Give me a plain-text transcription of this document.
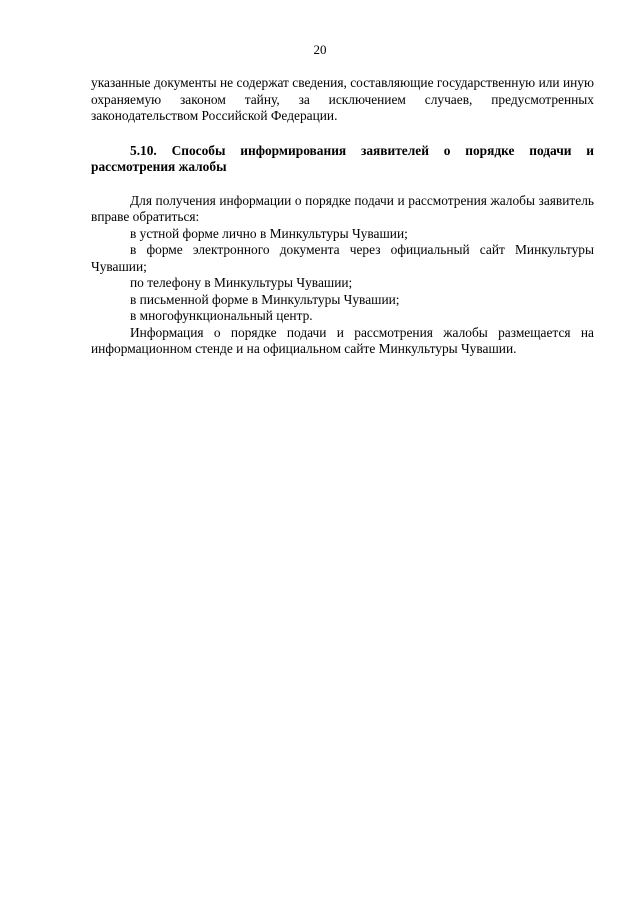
20

указанные документы не содержат сведения, составляющие государственную или иную охраняемую законом тайну, за исключением случаев, предусмотренных законодательством Российской Федерации.

5.10. Способы информирования заявителей о порядке подачи и рассмотрения жалобы

Для получения информации о порядке подачи и рассмотрения жалобы заявитель вправе обратиться:

в устной форме лично в Минкультуры Чувашии;

в форме электронного документа через официальный сайт Минкультуры Чувашии;

по телефону в Минкультуры Чувашии;

в письменной форме в Минкультуры Чувашии;

в многофункциональный центр.

Информация о порядке подачи и рассмотрения жалобы размещается на информационном стенде и на официальном сайте Минкультуры Чувашии.
